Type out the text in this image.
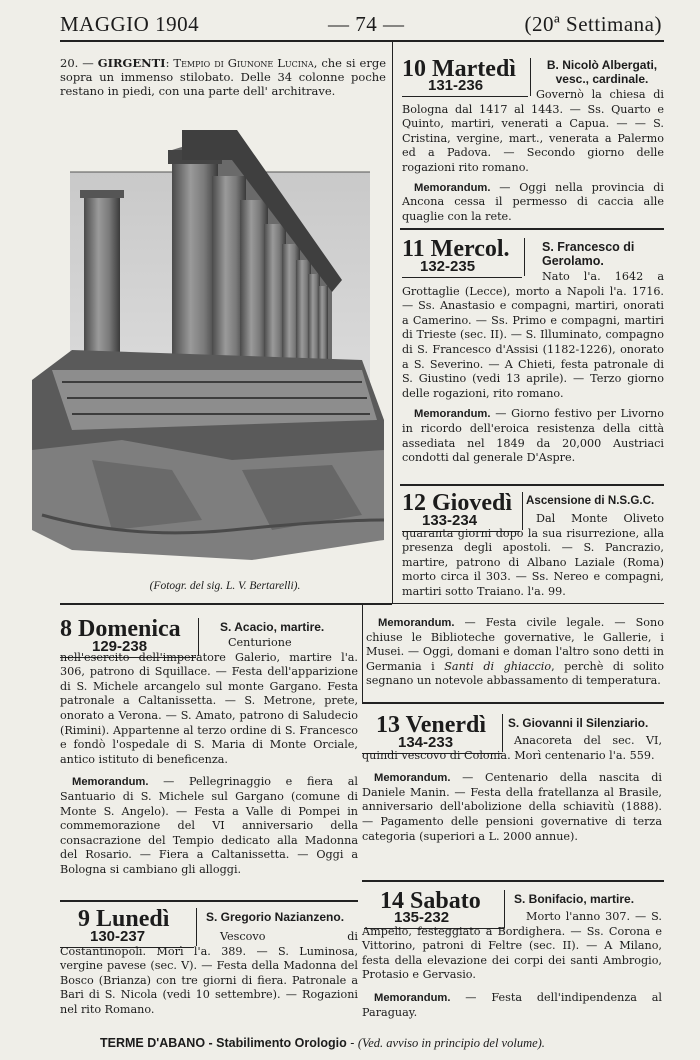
MAGGIO 1904	— 74 —	(20ª Settimana)

20. — GIRGENTI: Tempio di Giunone Lucina, che si erge sopra un immenso stilobato. Delle 34 colonne poche restano in piedi, con una parte dell' architrave.

(Fotogr. del sig. L. V. Bertarelli).
10 Martedì
131-236
B. Nicolò Albergati, vesc., cardinale.

Governò la chiesa di Bologna dal 1417 al 1443. — Ss. Quarto e Quinto, martiri, venerati a Capua. — — S. Cristina, vergine, mart., venerata a Palermo ed a Padova. — Secondo giorno delle rogazioni rito romano.

Memorandum. — Oggi nella provincia di Ancona cessa il permesso di caccia alle quaglie con la rete.

11 Mercol.
132-235
S. Francesco di Gerolamo.

Nato l'a. 1642 a Grottaglie (Lecce), morto a Napoli l'a. 1716. — Ss. Anastasio e compagni, martiri, onorati a Camerino. — Ss. Primo e compagni, martiri di Trieste (sec. II). — S. Illuminato, compagno di S. Francesco d'Assisi (1182-1226), onorato a S. Severino. — A Chieti, festa patronale di S. Giustino (vedi 13 aprile). — Terzo giorno delle rogazioni, rito romano.

Memorandum. — Giorno festivo per Livorno in ricordo dell'eroica resistenza della città assediata nel 1849 da 20,000 Austriaci condotti dal generale D'Aspre.

12 Giovedì
133-234
Ascensione di N.S.G.C.

Dal Monte Oliveto quaranta giorni dopo la sua risurrezione, alla presenza degli apostoli. — S. Pancrazio, martire, patrono di Albano Laziale (Roma) morto circa il 303. — Ss. Nereo e compagni, martiri sotto Traiano. l'a. 99.

Memorandum. — Festa civile legale. — Sono chiuse le Biblioteche governative, le Gallerie, i Musei. — Oggi, domani e doman l'altro sono detti in Germania i Santi di ghiaccio, perchè di solito segnano un notevole abbassamento di temperatura.

8 Domenica
129-238
S. Acacio, martire.

Centurione nell'esercito dell'imperatore Galerio, martire l'a. 306, patrono di Squillace. — Festa dell'apparizione di S. Michele arcangelo sul monte Gargano. Festa patronale a Caltanissetta. — S. Metrone, prete, onorato a Verona. — S. Amato, patrono di Saludecio (Rimini). Appartenne al terzo ordine di S. Francesco e fondò l'ospedale di S. Maria di Monte Orciale, antico istituto di beneficenza.

Memorandum. — Pellegrinaggio e fiera al Santuario di S. Michele sul Gargano (comune di Monte S. Angelo). — Festa a Valle di Pompei in commemorazione del VI anniversario della consacrazione del Tempio dedicato alla Madonna del Rosario. — Fiera a Caltanissetta. — Oggi a Bologna si cambiano gli alloggi.

9 Lunedì
130-237
S. Gregorio Nazianzeno.

Vescovo di Costantinopoli. Morì l'a. 389. — S. Luminosa, vergine pavese (sec. V). — Festa della Madonna del Bosco (Brianza) con tre giorni di fiera. Patronale a Bari di S. Nicola (vedi 10 settembre). — Rogazioni nel rito Romano.

13 Venerdì
134-233
S. Giovanni il Silenziario.

Anacoreta del sec. VI, quindi vescovo di Colonia. Morì centenario l'a. 559.

Memorandum. — Centenario della nascita di Daniele Manin. — Festa della fratellanza al Brasile, anniversario dell'abolizione della schiavitù (1888). — Pagamento delle pensioni governative di terza categoria (superiori a L. 2000 annue).

14 Sabato
135-232
S. Bonifacio, martire.

Morto l'anno 307. — S. Ampelio, festeggiato a Bordighera. — Ss. Corona e Vittorino, patroni di Feltre (sec. II). — A Milano, festa della elevazione dei corpi dei santi Ambrogio, Protasio e Gervasio.

Memorandum. — Festa dell'indipendenza al Paraguay.

TERME D'ABANO - Stabilimento Orologio - (Ved. avviso in principio del volume).
